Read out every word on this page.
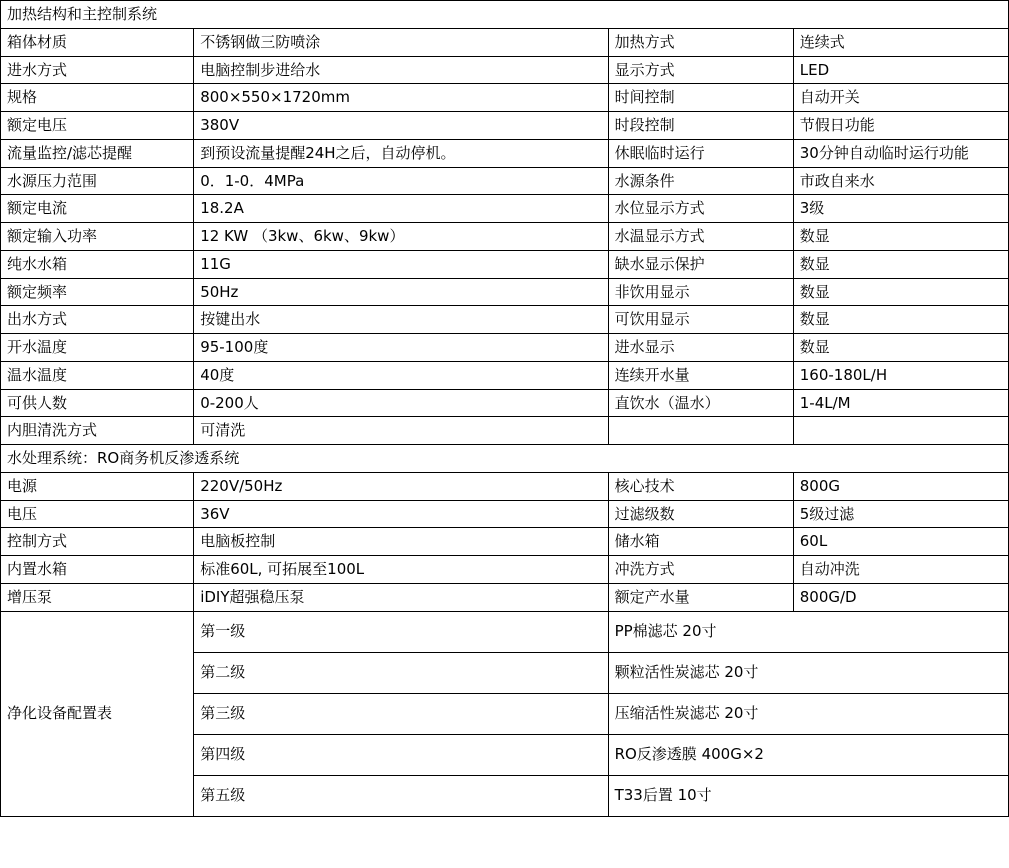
加热结构和主控制系统			
箱体材质	不锈钢做三防喷涂	加热方式	连续式
进水方式	电脑控制步进给水	显示方式	LED
规格	800×550×1720mm	时间控制	自动开关
额定电压	380V	时段控制	节假日功能
流量监控/滤芯提醒	到预设流量提醒24H之后，自动停机。	休眠临时运行	30分钟自动临时运行功能
水源压力范围	0．1-0．4MPa	水源条件	市政自来水
额定电流	18.2A	水位显示方式	3级
额定输入功率	12 KW （3kw、6kw、9kw）	水温显示方式	数显
纯水水箱	11G	缺水显示保护	数显
额定频率	50Hz	非饮用显示	数显
出水方式	按键出水	可饮用显示	数显
开水温度	95-100度	进水显示	数显
温水温度	40度	连续开水量	160-180L/H
可供人数	0-200人	直饮水（温水）	1-4L/M
内胆清洗方式	可清洗		
水处理系统：RO商务机反渗透系统			
电源	220V/50Hz	核心技术	800G
电压	36V	过滤级数	5级过滤
控制方式	电脑板控制	储水箱	60L
内置水箱	标准60L, 可拓展至100L	冲洗方式	自动冲洗
增压泵	iDIY超强稳压泵	额定产水量	800G/D
净化设备配置表	第一级	PP棉滤芯 20寸	
	第二级	颗粒活性炭滤芯 20寸	
	第三级	压缩活性炭滤芯 20寸	
	第四级	RO反渗透膜 400G×2	
	第五级	T33后置 10寸	
